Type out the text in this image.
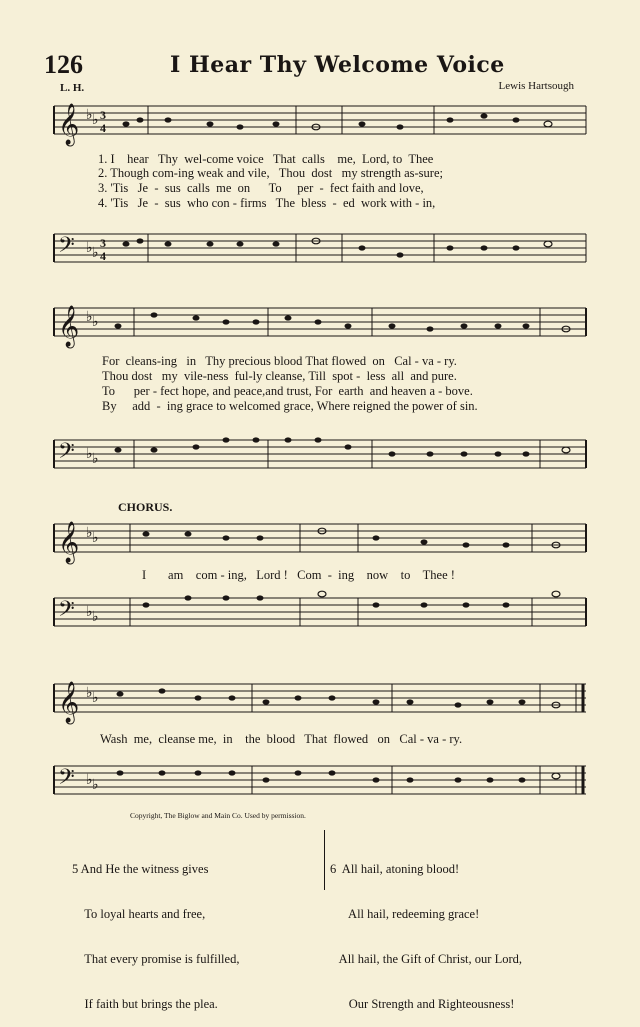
126	I Hear Thy Welcome Voice
L. H.	Lewis Hartsough
𝄞 ♭ ♭ 3
4
1. I    hear   Thy  wel-come voice   That  calls    me,  Lord, to  Thee
2. Though com-ing weak and vile,   Thou  dost   my strength as-sure;
3. 'Tis   Je  -  sus  calls  me  on      To     per  -  fect faith and love,
4. 'Tis   Je  -  sus  who con - firms   The  bless  -  ed  work with - in,
𝄢 ♭ ♭
3
4
𝄞 ♭ ♭
For  cleans-ing   in   Thy precious blood That flowed  on   Cal - va - ry.
Thou dost   my  vile-ness  ful-ly cleanse, Till  spot -  less  all  and pure.
To      per - fect hope, and peace,and trust, For  earth  and heaven a - bove.
By     add  -  ing grace to welcomed grace, Where reigned the power of sin.
𝄢 ♭ ♭
CHORUS.
𝄞 ♭ ♭
I       am    com - ing,   Lord !   Com  -  ing    now    to    Thee !
𝄢 ♭ ♭
𝄞 ♭ ♭
Wash  me,  cleanse me,  in    the  blood   That  flowed   on   Cal - va - ry.
𝄢 ♭ ♭
Copyright, The Biglow and Main Co. Used by permission.

5 And He the witness gives

To loyal hearts and free,

That every promise is fulfilled,

If faith but brings the plea.

6  All hail, atoning blood!

All hail, redeeming grace!

All hail, the Gift of Christ, our Lord,

Our Strength and Righteousness!
